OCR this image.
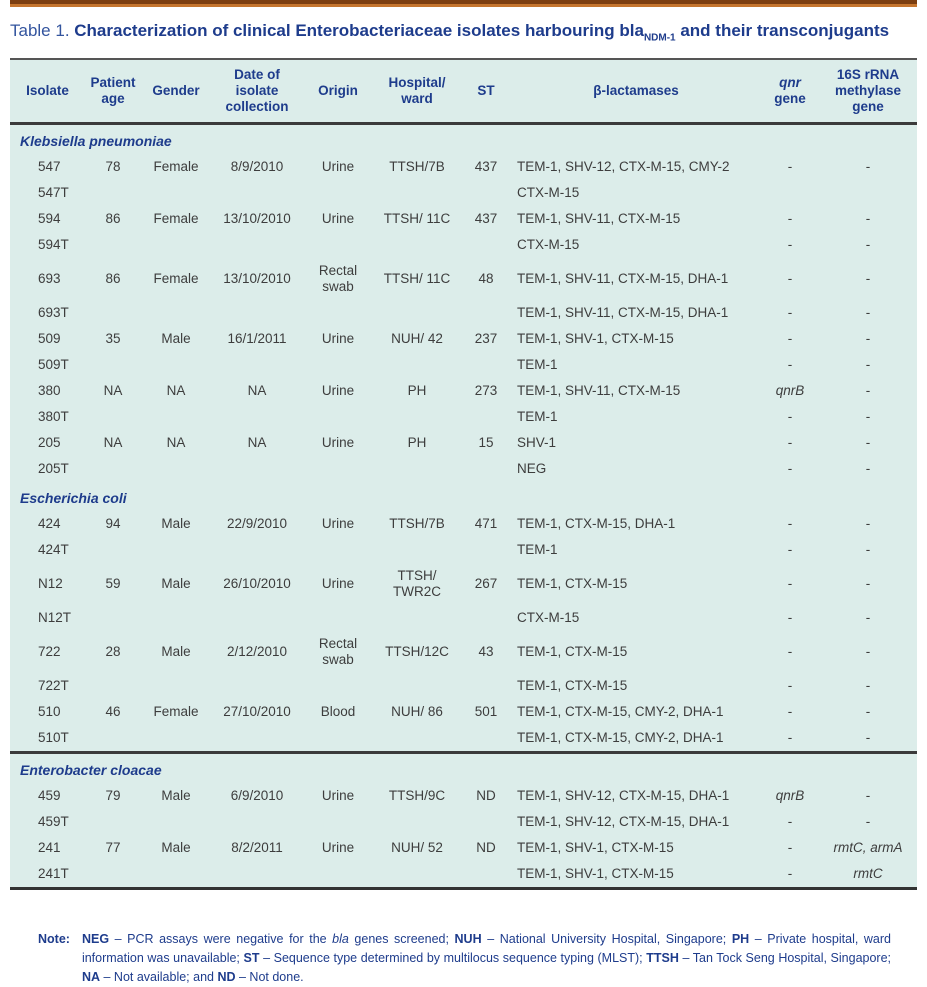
Table 1. Characterization of clinical Enterobacteriaceae isolates harbouring bla$_{NDM-1}$ and their transconjugants

Isolate	Patient age	Gender	Date of isolate collection	Origin	Hospital/ ward	ST	β-lactamases	qnr gene	16S rRNA methylase gene
Klebsiella pneumoniae									
547	78	Female	8/9/2010	Urine	TTSH/7B	437	TEM-1, SHV-12, CTX-M-15, CMY-2	-	-
547T							CTX-M-15		
594	86	Female	13/10/2010	Urine	TTSH/ 11C	437	TEM-1, SHV-11, CTX-M-15	-	-
594T							CTX-M-15	-	-
693	86	Female	13/10/2010	Rectal swab	TTSH/ 11C	48	TEM-1, SHV-11, CTX-M-15, DHA-1	-	-
693T							TEM-1, SHV-11, CTX-M-15, DHA-1	-	-
509	35	Male	16/1/2011	Urine	NUH/ 42	237	TEM-1, SHV-1, CTX-M-15	-	-
509T							TEM-1	-	-
380	NA	NA	NA	Urine	PH	273	TEM-1, SHV-11, CTX-M-15	qnrB	-
380T							TEM-1	-	-
205	NA	NA	NA	Urine	PH	15	SHV-1	-	-
205T							NEG	-	-
Escherichia coli									
424	94	Male	22/9/2010	Urine	TTSH/7B	471	TEM-1, CTX-M-15, DHA-1	-	-
424T							TEM-1	-	-
N12	59	Male	26/10/2010	Urine	TTSH/ TWR2C	267	TEM-1, CTX-M-15	-	-
N12T							CTX-M-15	-	-
722	28	Male	2/12/2010	Rectal swab	TTSH/12C	43	TEM-1, CTX-M-15	-	-
722T							TEM-1, CTX-M-15	-	-
510	46	Female	27/10/2010	Blood	NUH/ 86	501	TEM-1, CTX-M-15, CMY-2, DHA-1	-	-
510T							TEM-1, CTX-M-15, CMY-2, DHA-1	-	-
Enterobacter cloacae									
459	79	Male	6/9/2010	Urine	TTSH/9C	ND	TEM-1, SHV-12, CTX-M-15, DHA-1	qnrB	-
459T							TEM-1, SHV-12, CTX-M-15, DHA-1	-	-
241	77	Male	8/2/2011	Urine	NUH/ 52	ND	TEM-1, SHV-1, CTX-M-15	-	rmtC, armA
241T							TEM-1, SHV-1, CTX-M-15	-	rmtC
Note: NEG – PCR assays were negative for the bla genes screened; NUH – National University Hospital, Singapore; PH – Private hospital, ward information was unavailable; ST – Sequence type determined by multilocus sequence typing (MLST); TTSH – Tan Tock Seng Hospital, Singapore; NA – Not available; and ND – Not done.
